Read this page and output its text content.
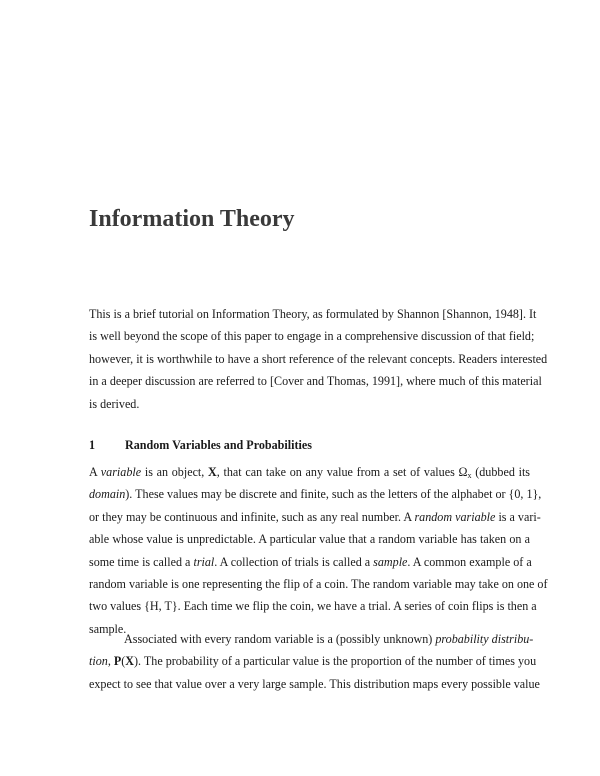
Information Theory
This is a brief tutorial on Information Theory, as formulated by Shannon [Shannon, 1948]. It
is well beyond the scope of this paper to engage in a comprehensive discussion of that field;
however, it is worthwhile to have a short reference of the relevant concepts. Readers interested
in a deeper discussion are referred to [Cover and Thomas, 1991], where much of this material
is derived.
1 Random Variables and Probabilities
A variable is an object, X, that can take on any value from a set of values Ωx (dubbed its
domain). These values may be discrete and finite, such as the letters of the alphabet or {0, 1},
or they may be continuous and infinite, such as any real number. A random variable is a vari-
able whose value is unpredictable. A particular value that a random variable has taken on a
some time is called a trial. A collection of trials is called a sample. A common example of a
random variable is one representing the flip of a coin. The random variable may take on one of
two values {H, T}. Each time we flip the coin, we have a trial. A series of coin flips is then a
sample.
Associated with every random variable is a (possibly unknown) probability distribu-
tion, P(X). The probability of a particular value is the proportion of the number of times you
expect to see that value over a very large sample. This distribution maps every possible value
